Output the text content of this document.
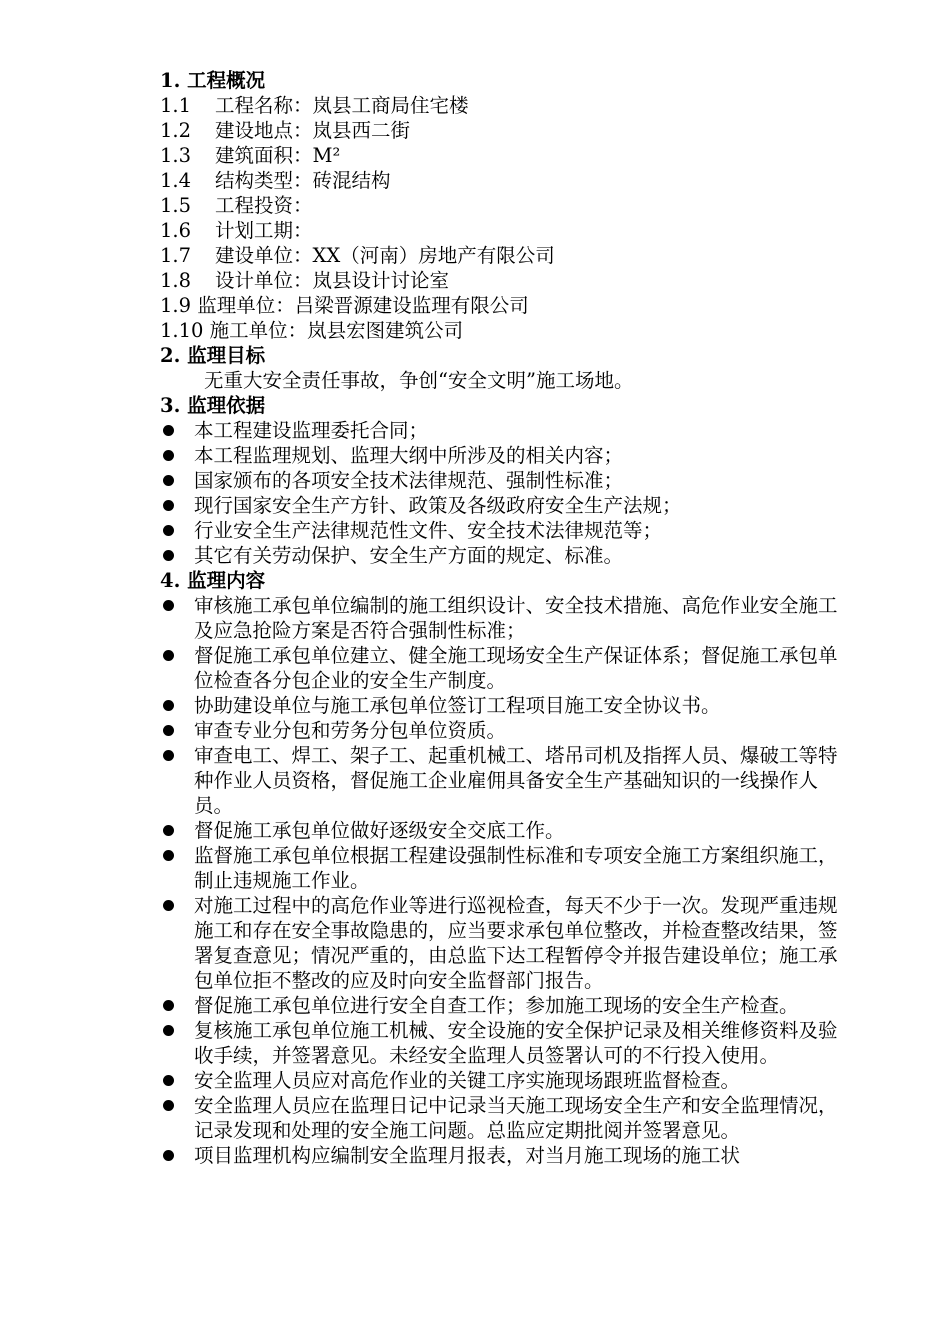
1. 工程概况
1.1 工程名称：岚县工商局住宅楼
1.2 建设地点：岚县西二街
1.3 建筑面积：M²
1.4 结构类型：砖混结构
1.5 工程投资：
1.6 计划工期：
1.7 建设单位：XX（河南）房地产有限公司
1.8 设计单位：岚县设计讨论室
1.9 监理单位：吕梁晋源建设监理有限公司
1.10 施工单位：岚县宏图建筑公司
2. 监理目标
无重大安全责任事故，争创“安全文明”施工场地。
3. 监理依据
本工程建设监理委托合同；
本工程监理规划、监理大纲中所涉及的相关内容；
国家颁布的各项安全技术法律规范、强制性标准；
现行国家安全生产方针、政策及各级政府安全生产法规；
行业安全生产法律规范性文件、安全技术法律规范等；
其它有关劳动保护、安全生产方面的规定、标准。
4. 监理内容
审核施工承包单位编制的施工组织设计、安全技术措施、高危作业安全施工及应急抢险方案是否符合强制性标准；
督促施工承包单位建立、健全施工现场安全生产保证体系；督促施工承包单位检查各分包企业的安全生产制度。
协助建设单位与施工承包单位签订工程项目施工安全协议书。
审查专业分包和劳务分包单位资质。
审查电工、焊工、架子工、起重机械工、塔吊司机及指挥人员、爆破工等特种作业人员资格，督促施工企业雇佣具备安全生产基础知识的一线操作人员。
督促施工承包单位做好逐级安全交底工作。
监督施工承包单位根据工程建设强制性标准和专项安全施工方案组织施工，制止违规施工作业。
对施工过程中的高危作业等进行巡视检查，每天不少于一次。发现严重违规施工和存在安全事故隐患的，应当要求承包单位整改，并检查整改结果，签署复查意见；情况严重的，由总监下达工程暂停令并报告建设单位；施工承包单位拒不整改的应及时向安全监督部门报告。
督促施工承包单位进行安全自查工作；参加施工现场的安全生产检查。
复核施工承包单位施工机械、安全设施的安全保护记录及相关维修资料及验收手续，并签署意见。未经安全监理人员签署认可的不行投入使用。
安全监理人员应对高危作业的关键工序实施现场跟班监督检查。
安全监理人员应在监理日记中记录当天施工现场安全生产和安全监理情况，记录发现和处理的安全施工问题。总监应定期批阅并签署意见。
项目监理机构应编制安全监理月报表，对当月施工现场的施工状
